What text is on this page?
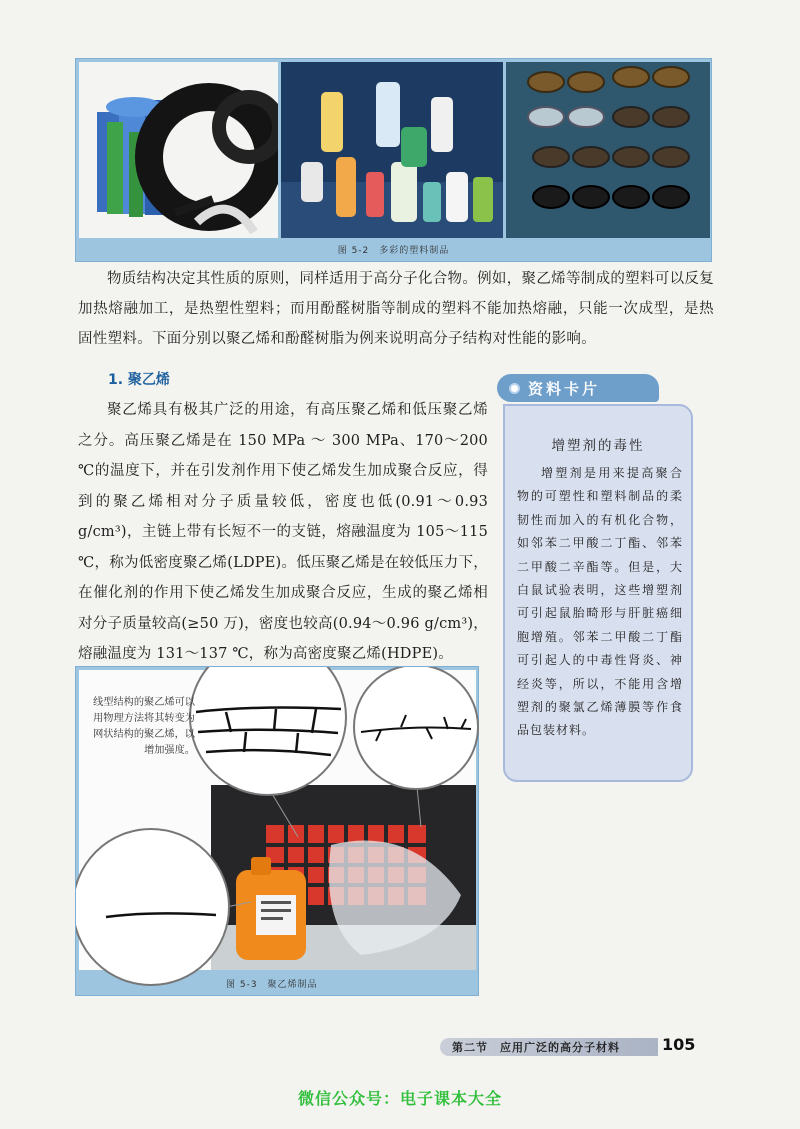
图 5-2　多彩的塑料制品
物质结构决定其性质的原则，同样适用于高分子化合物。例如，聚乙烯等制成的塑料可以反复加热熔融加工，是热塑性塑料；而用酚醛树脂等制成的塑料不能加热熔融，只能一次成型，是热固性塑料。下面分别以聚乙烯和酚醛树脂为例来说明高分子结构对性能的影响。
1. 聚乙烯
聚乙烯具有极其广泛的用途，有高压聚乙烯和低压聚乙烯之分。高压聚乙烯是在 150 MPa ～ 300 MPa、170～200 ℃的温度下，并在引发剂作用下使乙烯发生加成聚合反应，得到的聚乙烯相对分子质量较低，密度也低(0.91～0.93 g/cm³)，主链上带有长短不一的支链，熔融温度为 105～115 ℃，称为低密度聚乙烯(LDPE)。低压聚乙烯是在较低压力下，在催化剂的作用下使乙烯发生加成聚合反应，生成的聚乙烯相对分子质量较高(≥50 万)，密度也较高(0.94～0.96 g/cm³)，熔融温度为 131～137 ℃，称为高密度聚乙烯(HDPE)。
资料卡片
增塑剂的毒性
增塑剂是用来提高聚合物的可塑性和塑料制品的柔韧性而加入的有机化合物，如邻苯二甲酸二丁酯、邻苯二甲酸二辛酯等。但是，大白鼠试验表明，这些增塑剂可引起鼠胎畸形与肝脏癌细胞增殖。邻苯二甲酸二丁酯可引起人的中毒性肾炎、神经炎等，所以，不能用含增塑剂的聚氯乙烯薄膜等作食品包装材料。
线型结构的聚乙烯可以用物理方法将其转变为网状结构的聚乙烯，以增加强度。
图 5-3　聚乙烯制品
第二节 应用广泛的高分子材料	105
微信公众号：电子课本大全
